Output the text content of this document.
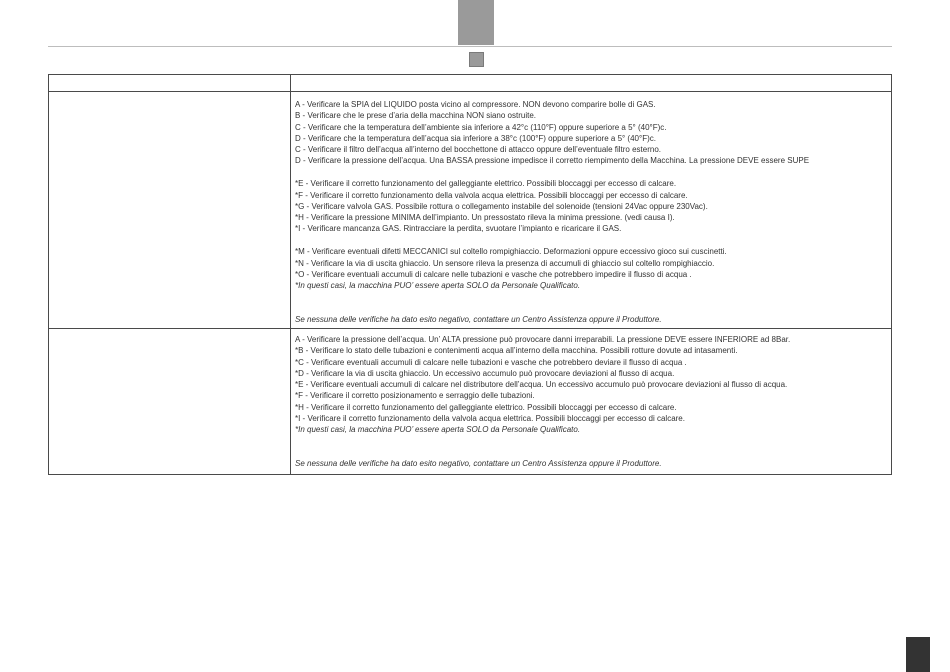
A - Verificare la SPIA del LIQUIDO posta vicino al compressore. NON devono comparire bolle di GAS.
B - Verificare che le prese d’aria della macchina NON siano ostruite.
C - Verificare che la temperatura dell’ambiente sia inferiore a 42°c (110°F) oppure superiore a 5° (40°F)c.
D - Verificare che la temperatura dell’acqua sia inferiore a 38°c (100°F) oppure superiore a 5° (40°F)c.
C - Verificare il filtro dell’acqua all’interno del bocchettone di attacco oppure dell’eventuale filtro esterno.
D - Verificare la pressione dell’acqua. Una BASSA pressione impedisce il corretto riempimento della Macchina. La pressione DEVE essere SUPE
*E - Verificare il corretto funzionamento del galleggiante elettrico. Possibili bloccaggi per eccesso di calcare.
*F - Verificare il corretto funzionamento della valvola acqua elettrica. Possibili bloccaggi per eccesso di calcare.
*G - Verificare valvola GAS. Possibile rottura o collegamento instabile del solenoide (tensioni 24Vac oppure 230Vac).
*H - Verificare la pressione MINIMA dell’impianto. Un pressostato rileva la minima pressione. (vedi causa I).
*I - Verificare mancanza GAS. Rintracciare la perdita, svuotare l’impianto e ricaricare il GAS.
*M - Verificare eventuali difetti MECCANICI sul coltello rompighiaccio. Deformazioni oppure eccessivo gioco sui cuscinetti.
*N - Verificare la via di uscita ghiaccio. Un sensore rileva la presenza di accumuli di ghiaccio sul coltello rompighiaccio.
*O - Verificare eventuali accumuli di calcare nelle tubazioni e vasche che potrebbero impedire il flusso di acqua .
*In questi casi, la macchina PUO’ essere aperta SOLO da Personale Qualificato.
Se nessuna delle verifiche ha dato esito negativo, contattare un Centro Assistenza oppure il Produttore.
A - Verificare la pressione dell’acqua. Un’ ALTA pressione può provocare danni irreparabili. La pressione DEVE essere INFERIORE ad 8Bar.
*B - Verificare lo stato delle tubazioni e contenimenti acqua all’interno della macchina. Possibili rotture dovute ad intasamenti.
*C - Verificare eventuali accumuli di calcare nelle tubazioni e vasche che potrebbero deviare il flusso di acqua .
*D - Verificare la via di uscita ghiaccio. Un eccessivo accumulo può provocare deviazioni al flusso di acqua.
*E - Verificare eventuali accumuli di calcare nel distributore dell’acqua. Un eccessivo accumulo può provocare deviazioni al flusso di acqua.
*F - Verificare il corretto posizionamento e serraggio delle tubazioni.
*H - Verificare il corretto funzionamento del galleggiante elettrico. Possibili bloccaggi per eccesso di calcare.
*I - Verificare il corretto funzionamento della valvola acqua elettrica. Possibili bloccaggi per eccesso di calcare.
*In questi casi, la macchina PUO’ essere aperta SOLO da Personale Qualificato.
Se nessuna delle verifiche ha dato esito negativo, contattare un Centro Assistenza oppure il Produttore.
